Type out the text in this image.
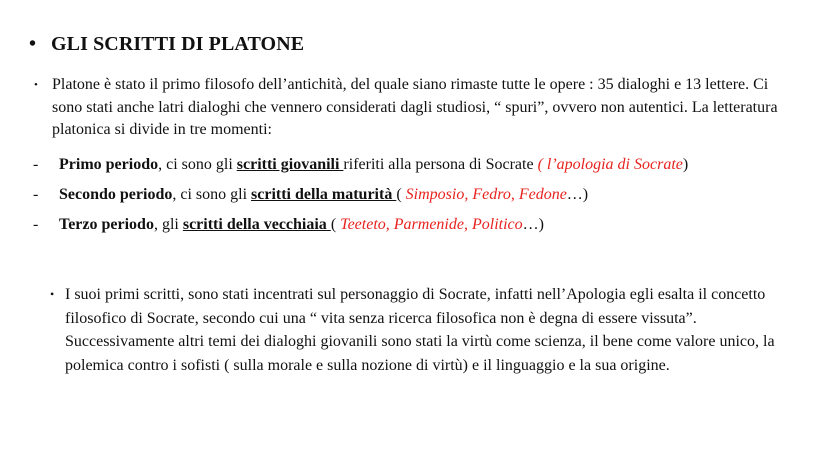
• GLI SCRITTI DI PLATONE
• Platone è stato il primo filosofo dell’antichità, del quale siano rimaste tutte le opere : 35 dialoghi e 13 lettere. Ci sono stati anche latri dialoghi che vennero considerati dagli studiosi, “ spuri”, ovvero non autentici. La letteratura platonica si divide in tre momenti:
- Primo periodo, ci sono gli scritti giovanili riferiti alla persona di Socrate ( l’apologia di Socrate)
- Secondo periodo, ci sono gli scritti della maturità ( Simposio, Fedro, Fedone…)
- Terzo periodo, gli scritti della vecchiaia ( Teeteto, Parmenide, Politico…)
• I suoi primi scritti, sono stati incentrati sul personaggio di Socrate, infatti nell’Apologia egli esalta il concetto filosofico di Socrate, secondo cui una “ vita senza ricerca filosofica non è degna di essere vissuta”. Successivamente altri temi dei dialoghi giovanili sono stati la virtù come scienza, il bene come valore unico, la polemica contro i sofisti ( sulla morale e sulla nozione di virtù) e il linguaggio e la sua origine.
